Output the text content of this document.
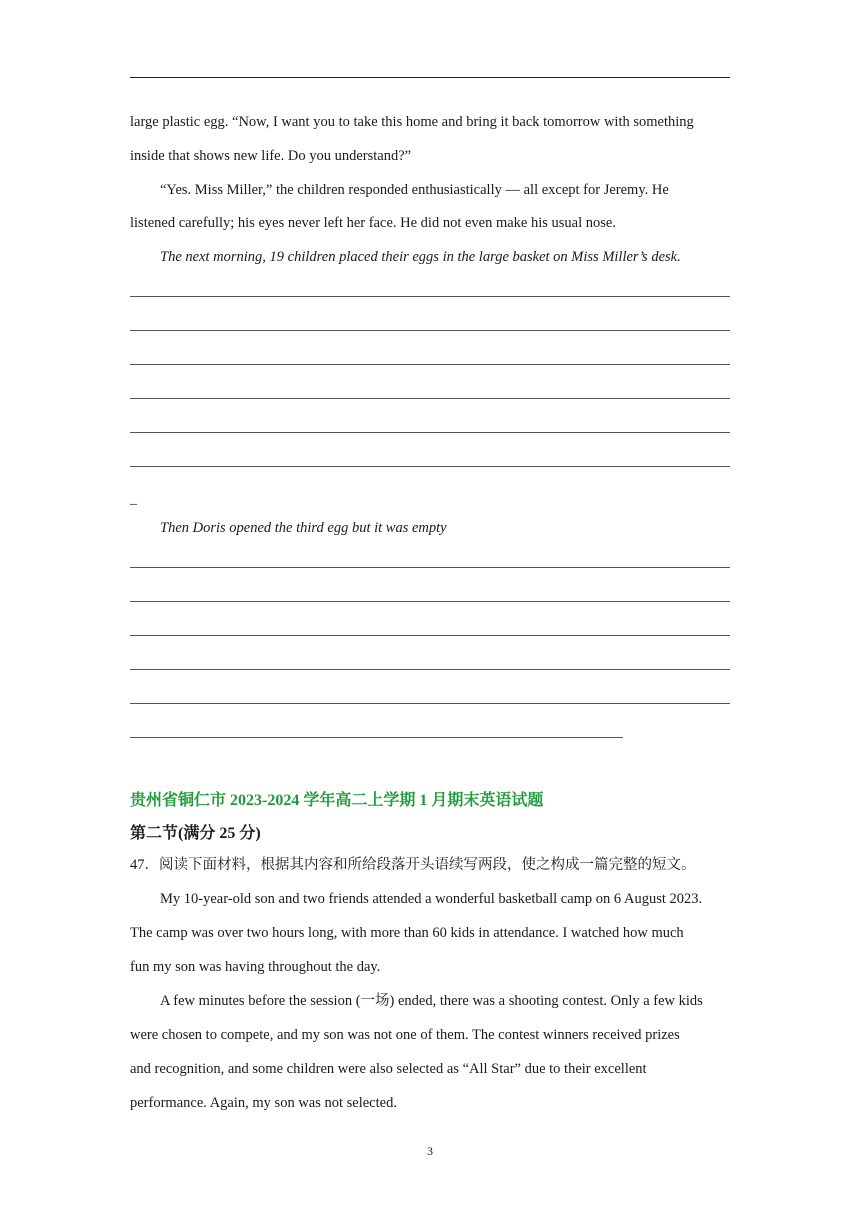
large plastic egg. “Now, I want you to take this home and bring it back tomorrow with something
inside that shows new life. Do you understand?”
“Yes. Miss Miller,” the children responded enthusiastically — all except for Jeremy. He
listened carefully; his eyes never left her face. He did not even make his usual nose.
The next morning, 19 children placed their eggs in the large basket on Miss Miller’s desk.
_
Then Doris opened the third egg but it was empty
贵州省铜仁市 2023-2024 学年高二上学期 1 月期末英语试题
第二节(满分 25 分)
47．阅读下面材料，根据其内容和所给段落开头语续写两段，使之构成一篇完整的短文。
My 10-year-old son and two friends attended a wonderful basketball camp on 6 August 2023.
The camp was over two hours long, with more than 60 kids in attendance. I watched how much
fun my son was having throughout the day.
A few minutes before the session (一场) ended, there was a shooting contest. Only a few kids
were chosen to compete, and my son was not one of them. The contest winners received prizes
and recognition, and some children were also selected as “All Star” due to their excellent
performance. Again, my son was not selected.
3
